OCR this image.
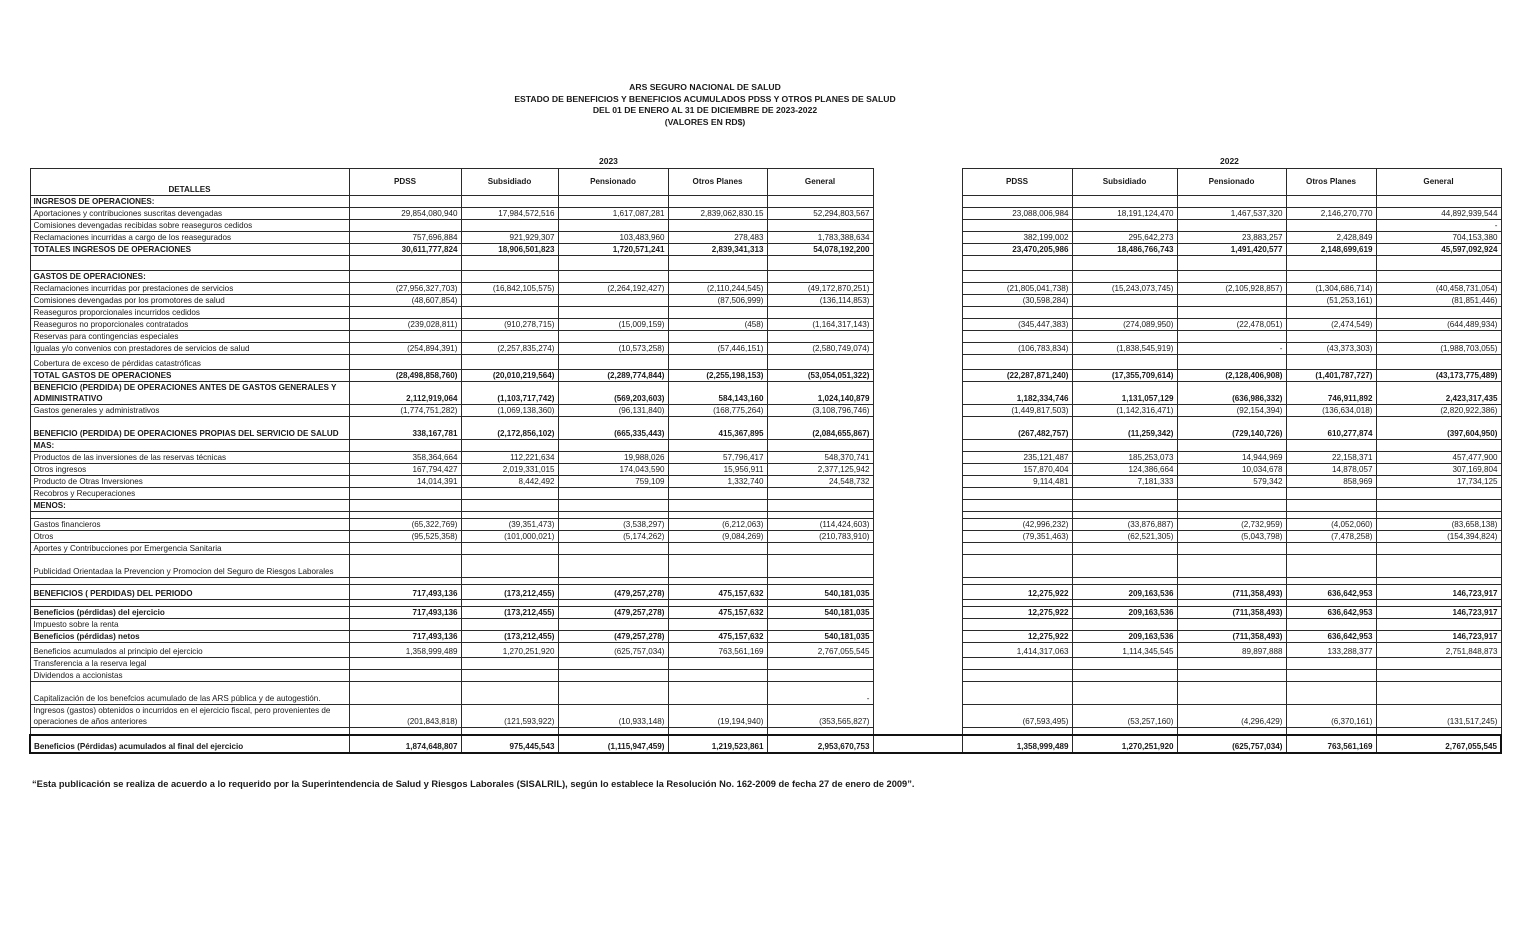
ARS SEGURO NACIONAL DE SALUD
ESTADO DE BENEFICIOS Y BENEFICIOS ACUMULADOS PDSS Y OTROS PLANES DE SALUD
DEL 01 DE ENERO AL 31 DE DICIEMBRE DE 2023-2022
(VALORES EN RD$)
2023	2022
DETALLES	PDSS	Subsidiado	Pensionado	Otros Planes	General		PDSS	Subsidiado	Pensionado	Otros Planes	General
INGRESOS DE OPERACIONES:											
Aportaciones y contribuciones suscritas devengadas	29,854,080,940	17,984,572,516	1,617,087,281	2,839,062,830.15	52,294,803,567		23,088,006,984	18,191,124,470	1,467,537,320	2,146,270,770	44,892,939,544
Comisiones devengadas recibidas sobre reaseguros cedidos											-
Reclamaciones incurridas a cargo de los reasegurados	757,696,884	921,929,307	103,483,960	278,483	1,783,388,634		382,199,002	295,642,273	23,883,257	2,428,849	704,153,380
TOTALES INGRESOS DE OPERACIONES	30,611,777,824	18,906,501,823	1,720,571,241	2,839,341,313	54,078,192,200		23,470,205,986	18,486,766,743	1,491,420,577	2,148,699,619	45,597,092,924

GASTOS DE OPERACIONES:											
Reclamaciones incurridas por prestaciones de servicios	(27,956,327,703)	(16,842,105,575)	(2,264,192,427)	(2,110,244,545)	(49,172,870,251)		(21,805,041,738)	(15,243,073,745)	(2,105,928,857)	(1,304,686,714)	(40,458,731,054)
Comisiones devengadas por los promotores de salud	(48,607,854)			(87,506,999)	(136,114,853)		(30,598,284)			(51,253,161)	(81,851,446)
Reaseguros proporcionales incurridos cedidos											
Reaseguros no proporcionales contratados	(239,028,811)	(910,278,715)	(15,009,159)	(458)	(1,164,317,143)		(345,447,383)	(274,089,950)	(22,478,051)	(2,474,549)	(644,489,934)
Reservas para contingencias especiales											
Igualas y/o convenios con prestadores de servicios de salud	(254,894,391)	(2,257,835,274)	(10,573,258)	(57,446,151)	(2,580,749,074)		(106,783,834)	(1,838,545,919)	-	(43,373,303)	(1,988,703,055)
Cobertura de exceso de pérdidas catastróficas											
TOTAL GASTOS DE OPERACIONES	(28,498,858,760)	(20,010,219,564)	(2,289,774,844)	(2,255,198,153)	(53,054,051,322)		(22,287,871,240)	(17,355,709,614)	(2,128,406,908)	(1,401,787,727)	(43,173,775,489)
BENEFICIO (PERDIDA) DE OPERACIONES ANTES DE GASTOS GENERALES Y ADMINISTRATIVO	2,112,919,064	(1,103,717,742)	(569,203,603)	584,143,160	1,024,140,879		1,182,334,746	1,131,057,129	(636,986,332)	746,911,892	2,423,317,435
Gastos generales y administrativos	(1,774,751,282)	(1,069,138,360)	(96,131,840)	(168,775,264)	(3,108,796,746)		(1,449,817,503)	(1,142,316,471)	(92,154,394)	(136,634,018)	(2,820,922,386)
BENEFICIO (PERDIDA) DE OPERACIONES PROPIAS DEL SERVICIO DE SALUD	338,167,781	(2,172,856,102)	(665,335,443)	415,367,895	(2,084,655,867)		(267,482,757)	(11,259,342)	(729,140,726)	610,277,874	(397,604,950)
MAS:											
Productos de las inversiones de las reservas técnicas	358,364,664	112,221,634	19,988,026	57,796,417	548,370,741		235,121,487	185,253,073	14,944,969	22,158,371	457,477,900
Otros ingresos	167,794,427	2,019,331,015	174,043,590	15,956,911	2,377,125,942		157,870,404	124,386,664	10,034,678	14,878,057	307,169,804
Producto de Otras Inversiones	14,014,391	8,442,492	759,109	1,332,740	24,548,732		9,114,481	7,181,333	579,342	858,969	17,734,125
Recobros y Recuperaciones											
MENOS:											

Gastos financieros	(65,322,769)	(39,351,473)	(3,538,297)	(6,212,063)	(114,424,603)		(42,996,232)	(33,876,887)	(2,732,959)	(4,052,060)	(83,658,138)
Otros	(95,525,358)	(101,000,021)	(5,174,262)	(9,084,269)	(210,783,910)		(79,351,463)	(62,521,305)	(5,043,798)	(7,478,258)	(154,394,824)
Aportes y Contribucciones por Emergencia Sanitaria											
Publicidad Orientadaa la Prevencion y Promocion del Seguro de Riesgos Laborales											

BENEFICIOS ( PERDIDAS) DEL PERIODO	717,493,136	(173,212,455)	(479,257,278)	475,157,632	540,181,035		12,275,922	209,163,536	(711,358,493)	636,642,953	146,723,917

Beneficios (pérdidas) del ejercicio	717,493,136	(173,212,455)	(479,257,278)	475,157,632	540,181,035		12,275,922	209,163,536	(711,358,493)	636,642,953	146,723,917
Impuesto sobre la renta											
Beneficios (pérdidas) netos	717,493,136	(173,212,455)	(479,257,278)	475,157,632	540,181,035		12,275,922	209,163,536	(711,358,493)	636,642,953	146,723,917
Beneficios acumulados al principio del ejercicio	1,358,999,489	1,270,251,920	(625,757,034)	763,561,169	2,767,055,545		1,414,317,063	1,114,345,545	89,897,888	133,288,377	2,751,848,873
Transferencia a la reserva legal											
Dividendos a accionistas											
Capitalización de los benefcios acumulado de las ARS pública y de autogestión.					-						
Ingresos (gastos) obtenidos o incurridos en el ejercicio fiscal, pero provenientes de operaciones de años anteriores	(201,843,818)	(121,593,922)	(10,933,148)	(19,194,940)	(353,565,827)		(67,593,495)	(53,257,160)	(4,296,429)	(6,370,161)	(131,517,245)

Beneficios (Pérdidas) acumulados al final del ejercicio	1,874,648,807	975,445,543	(1,115,947,459)	1,219,523,861	2,953,670,753		1,358,999,489	1,270,251,920	(625,757,034)	763,561,169	2,767,055,545
“Esta publicación se realiza de acuerdo a lo requerido por la Superintendencia de Salud y Riesgos Laborales (SISALRIL), según lo establece la Resolución No. 162-2009 de fecha 27 de enero de 2009”.
